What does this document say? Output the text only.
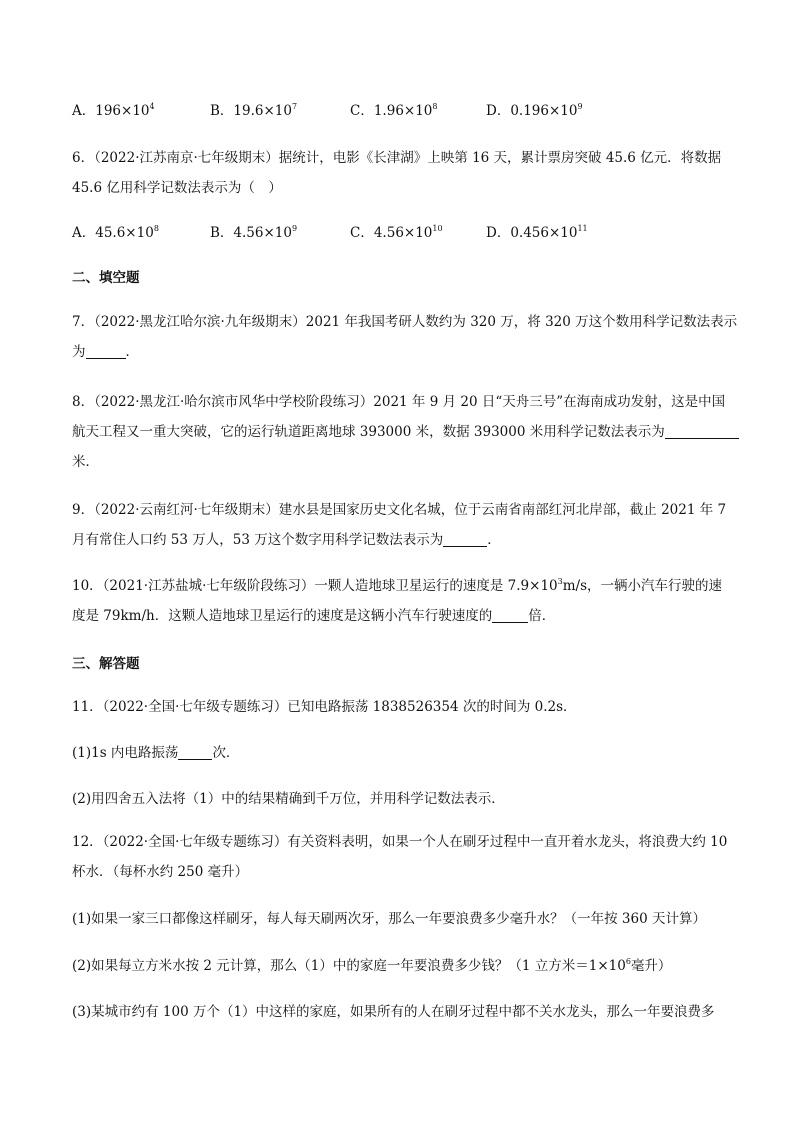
A．$196\times 10^4$	B．$19.6\times 10^7$	C．$1.96\times 10^8$	D．$0.196\times 10^9$
6．（2022·江苏南京·七年级期末）据统计，电影《长津湖》上映第 16 天，累计票房突破 45.6 亿元．将数据
45.6 亿用科学记数法表示为（　）
A．$45.6\times 10^8$	B．$4.56\times 10^9$	C．$4.56\times 10^{10}$	D．$0.456\times 10^{11}$
二、填空题
7．（2022·黑龙江哈尔滨·九年级期末）2021 年我国考研人数约为 320 万，将 320 万这个数用科学记数法表示
为	．
8．（2022·黑龙江·哈尔滨市风华中学校阶段练习）2021 年 9 月 20 日“天舟三号”在海南成功发射，这是中国
航天工程又一重大突破，它的运行轨道距离地球 393000 米，数据 393000 米用科学记数法表示为
米．
9．（2022·云南红河·七年级期末）建水县是国家历史文化名城，位于云南省南部红河北岸部，截止 2021 年 7
月有常住人口约 53 万人，53 万这个数字用科学记数法表示为	．
10．（2021·江苏盐城·七年级阶段练习）一颗人造地球卫星运行的速度是 $7.9\times 10^3m/s$，一辆小汽车行驶的速
度是 79km/h．这颗人造地球卫星运行的速度是这辆小汽车行驶速度的	倍．
三、解答题
11．（2022·全国·七年级专题练习）已知电路振荡 1838526354 次的时间为 0.2s．
(1)1s 内电路振荡	次．
(2)用四舍五入法将（1）中的结果精确到千万位，并用科学记数法表示．
12．（2022·全国·七年级专题练习）有关资料表明，如果一个人在刷牙过程中一直开着水龙头，将浪费大约 10
杯水．（每杯水约 250 毫升）
(1)如果一家三口都像这样刷牙，每人每天刷两次牙，那么一年要浪费多少毫升水？（一年按 360 天计算）
(2)如果每立方米水按 2 元计算，那么（1）中的家庭一年要浪费多少钱？（1 立方米$=1\times 10^6$毫升）
(3)某城市约有 100 万个（1）中这样的家庭，如果所有的人在刷牙过程中都不关水龙头，那么一年要浪费多
